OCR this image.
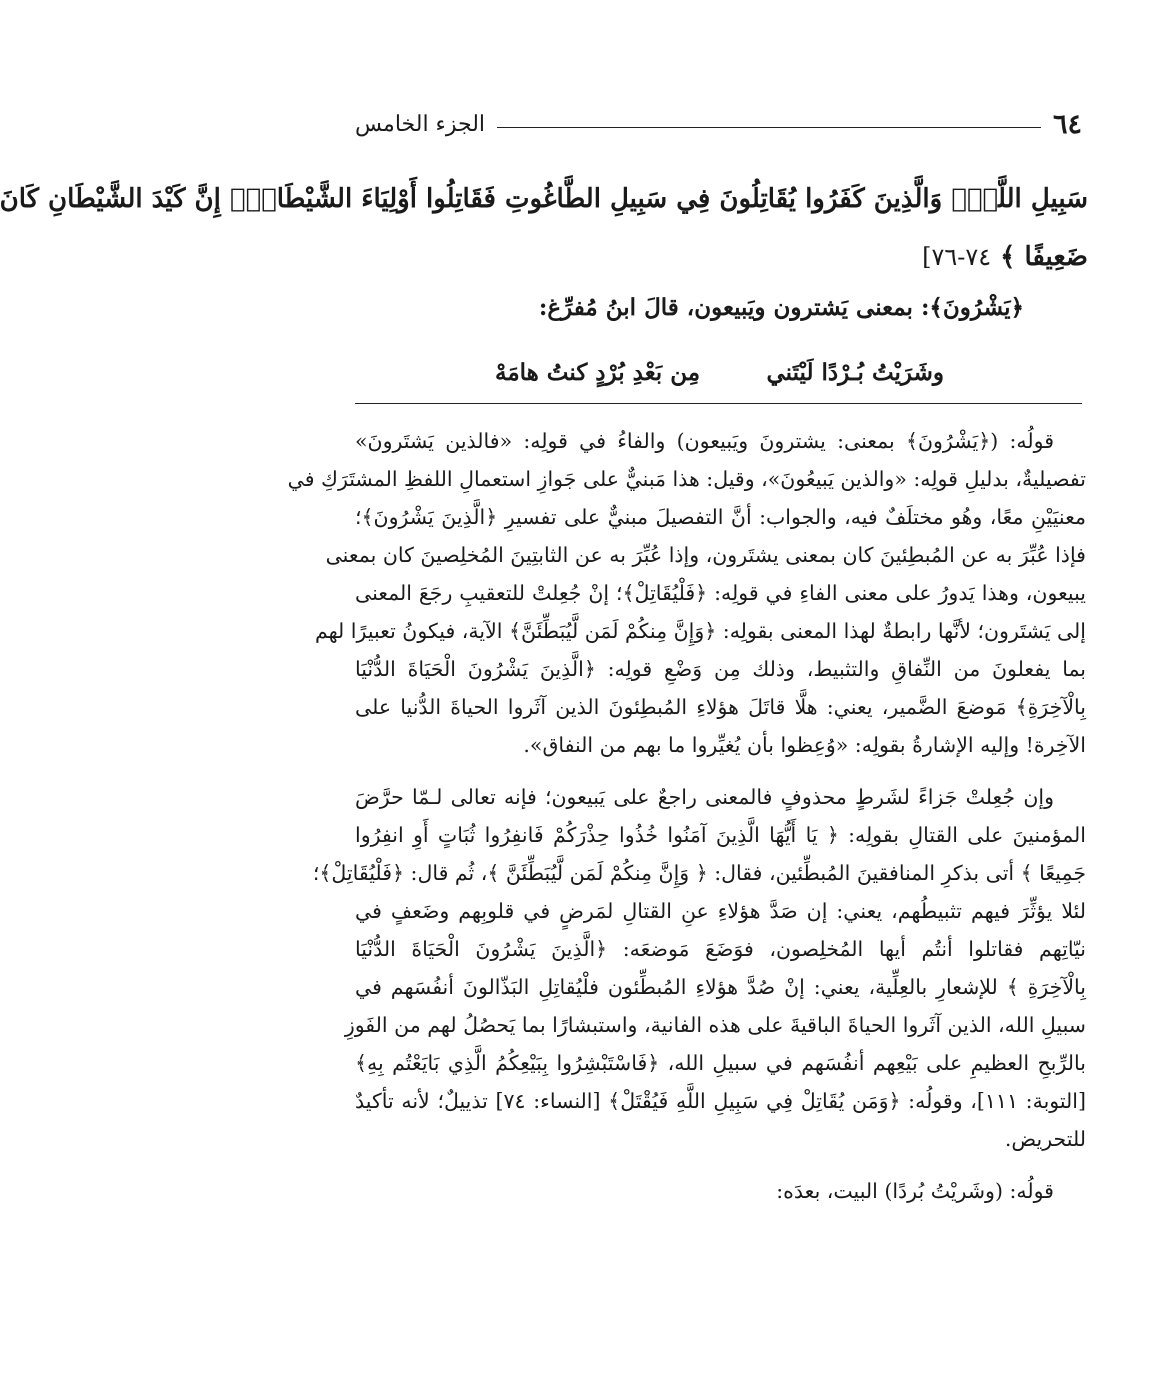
٦٤
الجزء الخامس
سَبِيلِ اللَّهِۖ وَالَّذِينَ كَفَرُوا يُقَاتِلُونَ فِي سَبِيلِ الطَّاغُوتِ فَقَاتِلُوا أَوْلِيَاءَ الشَّيْطَانِۖ إِنَّ كَيْدَ الشَّيْطَانِ كَانَ
ضَعِيفًا ﴾ ٧٤-٧٦]
﴿يَشْرُونَ﴾: بمعنى يَشترون ويَبيعون، قالَ ابنُ مُفرِّغ:
وشَرَيْتُ بُـرْدًا لَيْتَني
مِن بَعْدِ بُرْدٍ كنتُ هامَهْ

قولُه: (﴿يَشْرُونَ﴾ بمعنى: يشترونَ ويَبيعون) والفاءُ في قولِه: «فالذين يَشتَرونَ»
تفصيليةٌ، بدليلِ قولِه: «والذين يَبيعُونَ»، وقيل: هذا مَبنيٌّ على جَوازِ استعمالِ اللفظِ المشتَرَكِ في
معنيَيْنِ معًا، وهُو مختلَفٌ فيه، والجواب: أنَّ التفصيلَ مبنيٌّ على تفسيرِ ﴿الَّذِينَ يَشْرُونَ﴾؛
فإذا عُبِّرَ به عن المُبطِئينَ كان بمعنى يشتَرون، وإذا عُبِّرَ به عن الثابتِينَ المُخلِصينَ كان بمعنى
يبيعون، وهذا يَدورُ على معنى الفاءِ في قولِه: ﴿فَلْيُقَاتِلْ﴾؛ إنْ جُعِلتْ للتعقيبِ رجَعَ المعنى
إلى يَشتَرون؛ لأنَّها رابطةٌ لهذا المعنى بقولِه: ﴿وَإِنَّ مِنكُمْ لَمَن لَّيُبَطِّئَنَّ﴾ الآية، فيكونُ تعبيرًا لهم
بما يفعلونَ من النِّفاقِ والتثبيط، وذلك مِن وَضْعِ قولِه: ﴿الَّذِينَ يَشْرُونَ الْحَيَاةَ الدُّنْيَا
بِالْآخِرَةِ﴾ مَوضعَ الضَّمير، يعني: هلَّا قاتَلَ هؤلاءِ المُبطِئونَ الذين آثَروا الحياةَ الدُّنيا على
الآخِرة! وإليه الإشارةُ بقولِه: «وُعِظوا بأن يُغيِّروا ما بهم من النفاق».

وإن جُعِلتْ جَزاءً لشَرطٍ محذوفٍ فالمعنى راجعٌ على يَبيعون؛ فإنه تعالى لـمّا حرَّضَ
المؤمنينَ على القتالِ بقولِه: ﴿ يَا أَيُّهَا الَّذِينَ آمَنُوا خُذُوا حِذْرَكُمْ فَانفِرُوا ثُبَاتٍ أَوِ انفِرُوا
جَمِيعًا ﴾ أتى بذكرِ المنافقينَ المُبطِّئين، فقال: ﴿ وَإِنَّ مِنكُمْ لَمَن لَّيُبَطِّئَنَّ ﴾، ثُم قال: ﴿فَلْيُقَاتِلْ﴾؛
لئلا يؤثِّرَ فيهم تثبيطُهم، يعني: إن صَدَّ هؤلاءِ عنِ القتالِ لمَرضٍ في قلوبِهم وضَعفٍ في
نيّاتِهم فقاتلوا أنتُم أيها المُخلِصون، فوَضَعَ مَوضعَه: ﴿الَّذِينَ يَشْرُونَ الْحَيَاةَ الدُّنْيَا
بِالْآخِرَةِ ﴾ للإشعارِ بالعِلِّية، يعني: إنْ صُدَّ هؤلاءِ المُبطِّئون فلْيُقاتِلِ البَذّالونَ أنفُسَهم في
سبيلِ الله، الذين آثَروا الحياةَ الباقيةَ على هذه الفانية، واستبشارًا بما يَحصُلُ لهم من الفَوزِ
بالرِّبحِ العظيمِ على بَيْعِهم أنفُسَهم في سبيلِ الله، ﴿فَاسْتَبْشِرُوا بِبَيْعِكُمُ الَّذِي بَايَعْتُم بِهِ﴾
[التوبة: ١١١]، وقولُه: ﴿وَمَن يُقَاتِلْ فِي سَبِيلِ اللَّهِ فَيُقْتَلْ﴾ [النساء: ٧٤] تذييلٌ؛ لأنه تأكيدٌ
للتحريض.

قولُه: (وشَريْتُ بُردًا) البيت، بعدَه:
